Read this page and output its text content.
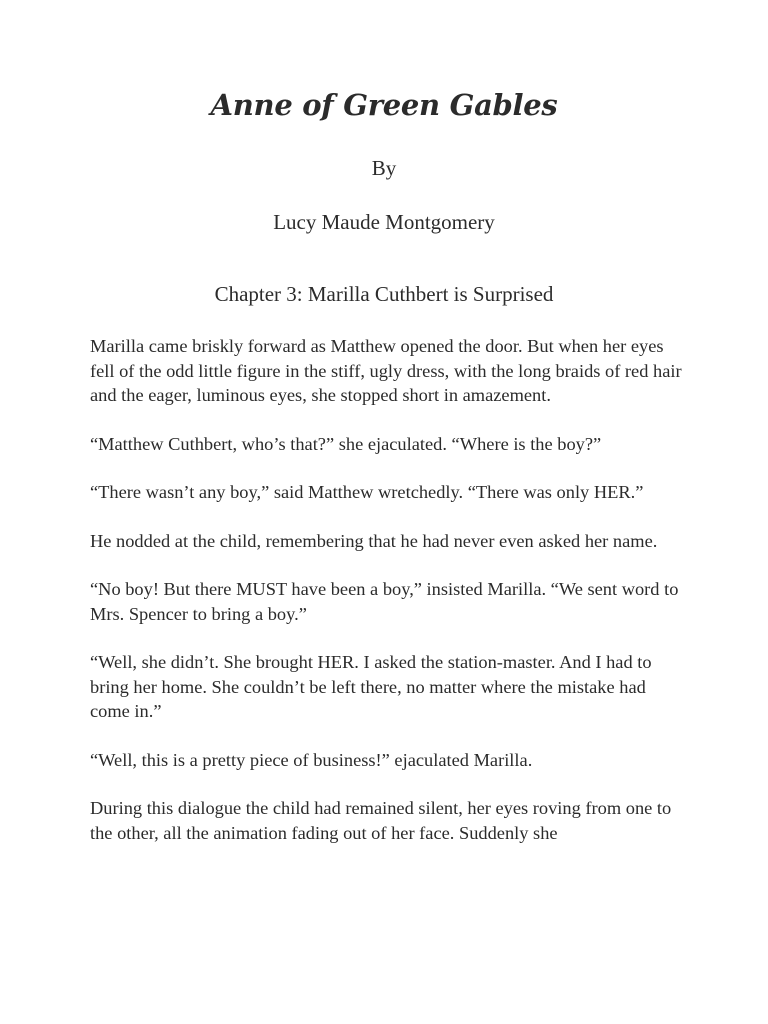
Anne of Green Gables

By

Lucy Maude Montgomery

Chapter 3: Marilla Cuthbert is Surprised

Marilla came briskly forward as Matthew opened the door. But when her eyes fell of the odd little figure in the stiff, ugly dress, with the long braids of red hair and the eager, luminous eyes, she stopped short in amazement.

“Matthew Cuthbert, who’s that?” she ejaculated. “Where is the boy?”

“There wasn’t any boy,” said Matthew wretchedly. “There was only HER.”

He nodded at the child, remembering that he had never even asked her name.

“No boy! But there MUST have been a boy,” insisted Marilla. “We sent word to Mrs. Spencer to bring a boy.”

“Well, she didn’t. She brought HER. I asked the station-master. And I had to bring her home. She couldn’t be left there, no matter where the mistake had come in.”

“Well, this is a pretty piece of business!” ejaculated Marilla.

During this dialogue the child had remained silent, her eyes roving from one to the other, all the animation fading out of her face. Suddenly she
